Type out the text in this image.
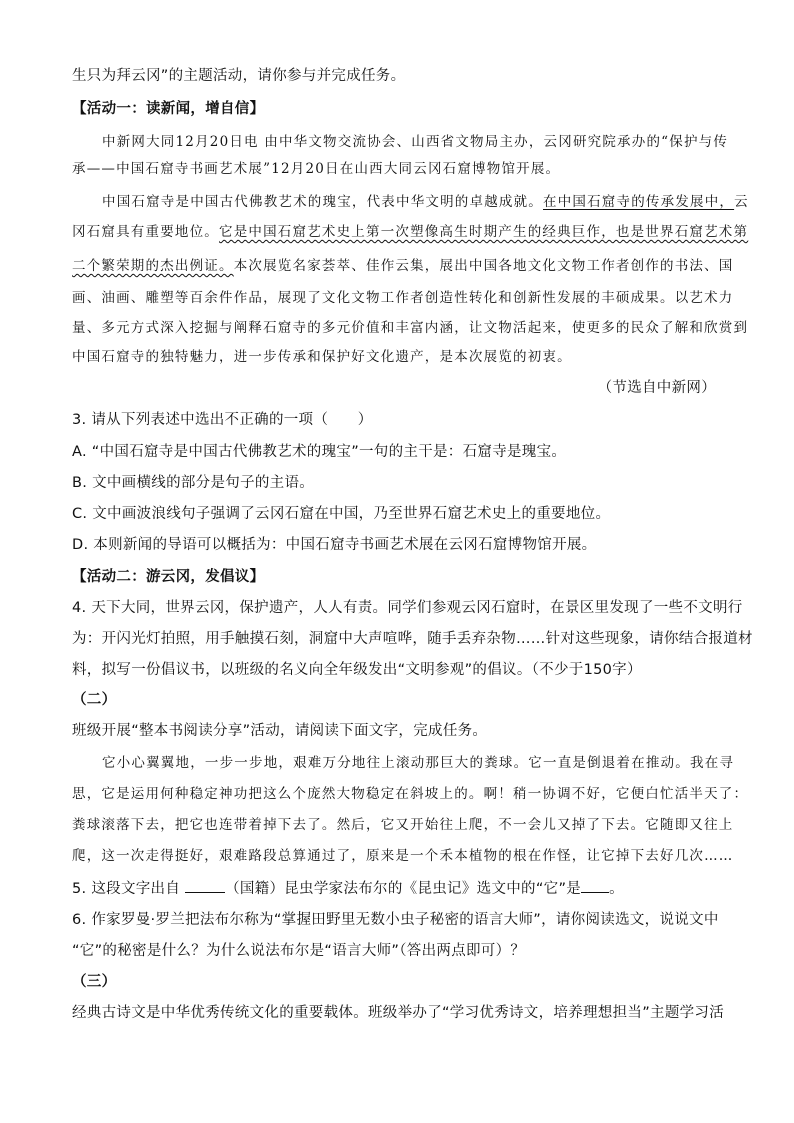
生只为拜云冈”的主题活动，请你参与并完成任务。
【活动一：读新闻，增自信】
中新网大同12月20日电 由中华文物交流协会、山西省文物局主办，云冈研究院承办的“保护与传
承——中国石窟寺书画艺术展”12月20日在山西大同云冈石窟博物馆开展。
中国石窟寺是中国古代佛教艺术的瑰宝，代表中华文明的卓越成就。在中国石窟寺的传承发展中，云
冈石窟具有重要地位。它是中国石窟艺术史上第一次塑像高生时期产生的经典巨作，也是世界石窟艺术第
二个繁荣期的杰出例证。本次展览名家荟萃、佳作云集，展出中国各地文化文物工作者创作的书法、国
画、油画、雕塑等百余件作品，展现了文化文物工作者创造性转化和创新性发展的丰硕成果。以艺术力
量、多元方式深入挖掘与阐释石窟寺的多元价值和丰富内涵，让文物活起来，使更多的民众了解和欣赏到
中国石窟寺的独特魅力，进一步传承和保护好文化遗产，是本次展览的初衷。
（节选自中新网）
3. 请从下列表述中选出不正确的一项（　　）
A. “中国石窟寺是中国古代佛教艺术的瑰宝”一句的主干是：石窟寺是瑰宝。
B. 文中画横线的部分是句子的主语。
C. 文中画波浪线句子强调了云冈石窟在中国，乃至世界石窟艺术史上的重要地位。
D. 本则新闻的导语可以概括为：中国石窟寺书画艺术展在云冈石窟博物馆开展。
【活动二：游云冈，发倡议】
4. 天下大同，世界云冈，保护遗产，人人有责。同学们参观云冈石窟时，在景区里发现了一些不文明行
为：开闪光灯拍照，用手触摸石刻，洞窟中大声喧哗，随手丢弃杂物……针对这些现象，请你结合报道材
料，拟写一份倡议书，以班级的名义向全年级发出“文明参观”的倡议。（不少于150字）
（二）
班级开展“整本书阅读分享”活动，请阅读下面文字，完成任务。
它小心翼翼地，一步一步地，艰难万分地往上滚动那巨大的粪球。它一直是倒退着在推动。我在寻
思，它是运用何种稳定神功把这么个庞然大物稳定在斜坡上的。啊！稍一协调不好，它便白忙活半天了：
粪球滚落下去，把它也连带着掉下去了。然后，它又开始往上爬，不一会儿又掉了下去。它随即又往上
爬，这一次走得挺好，艰难路段总算通过了，原来是一个禾本植物的根在作怪，让它掉下去好几次……
5. 这段文字出自	（国籍）昆虫学家法布尔的《昆虫记》选文中的“它”是 。
6. 作家罗曼·罗兰把法布尔称为“掌握田野里无数小虫子秘密的语言大师”，请你阅读选文，说说文中
“它”的秘密是什么？为什么说法布尔是“语言大师”（答出两点即可）？
（三）
经典古诗文是中华优秀传统文化的重要载体。班级举办了“学习优秀诗文，培养理想担当”主题学习活
